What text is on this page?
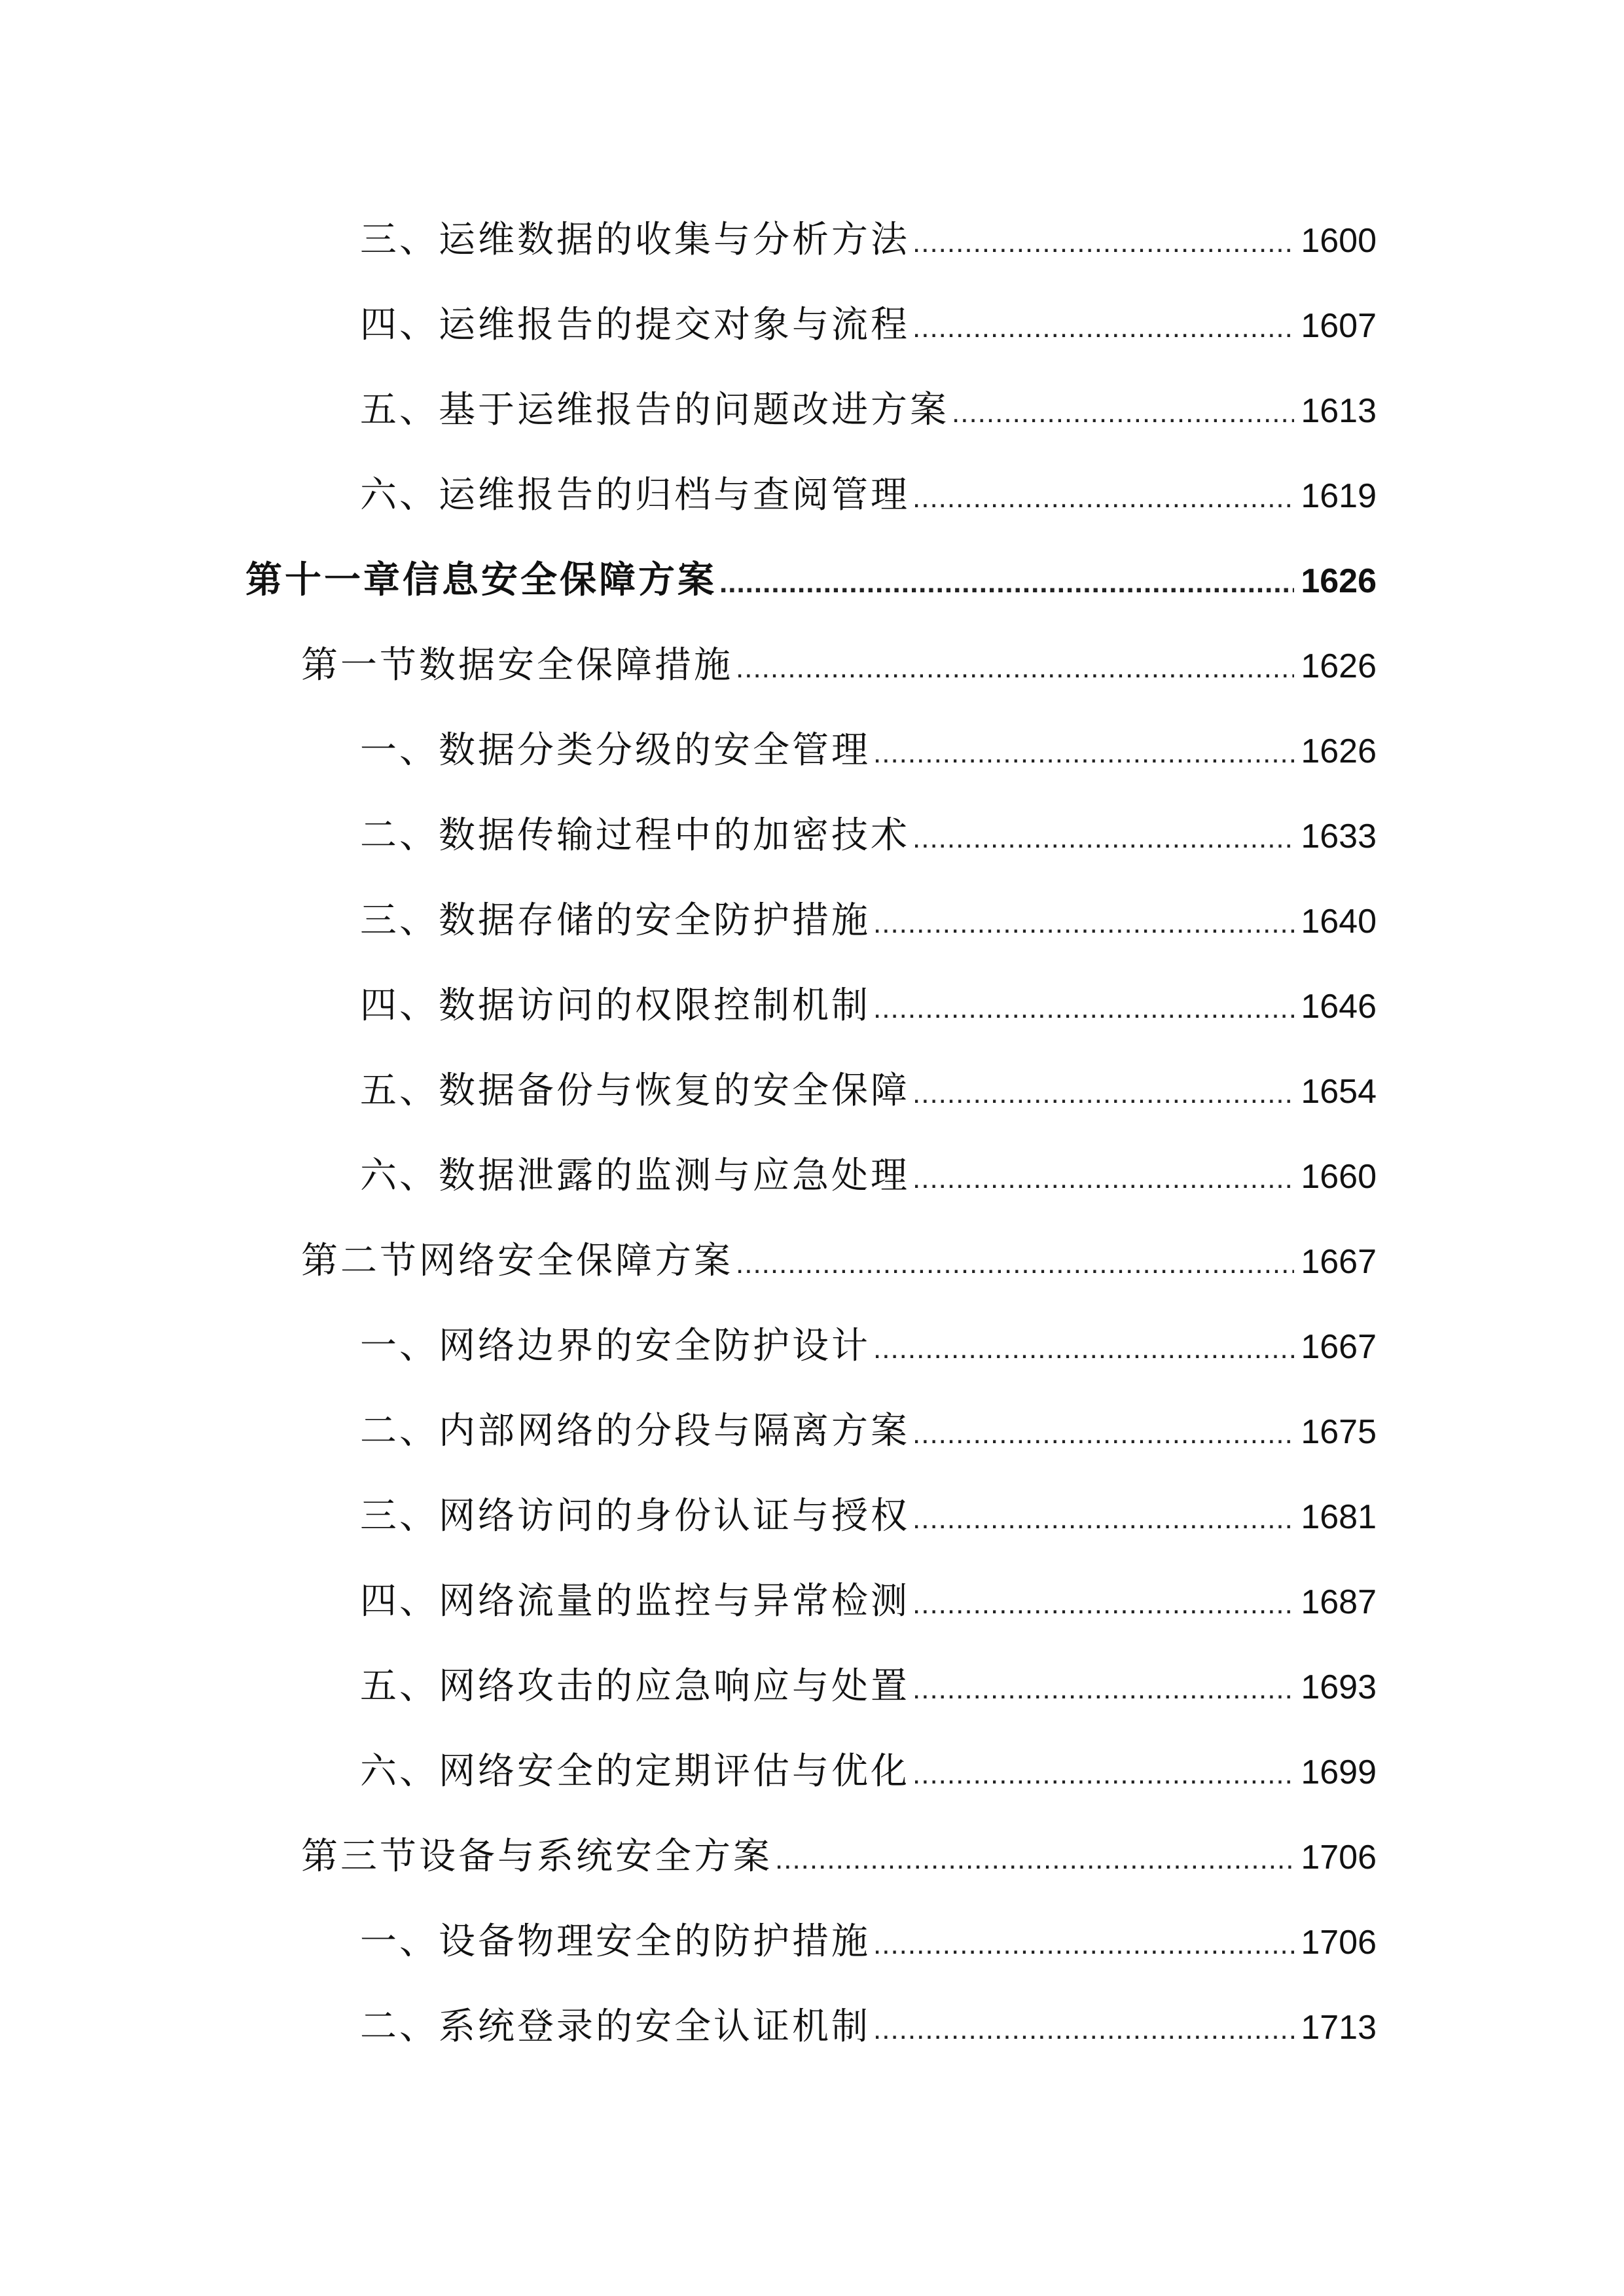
三、运维数据的收集与分析方法 .....	1600
四、运维报告的提交对象与流程 .....	1607
五、基于运维报告的问题改进方案 .....	1613
六、运维报告的归档与查阅管理 .....	1619
第十一章信息安全保障方案 .....	1626
第一节数据安全保障措施 .....	1626
一、数据分类分级的安全管理 .....	1626
二、数据传输过程中的加密技术 .....	1633
三、数据存储的安全防护措施 .....	1640
四、数据访问的权限控制机制 .....	1646
五、数据备份与恢复的安全保障 .....	1654
六、数据泄露的监测与应急处理 .....	1660
第二节网络安全保障方案 .....	1667
一、网络边界的安全防护设计 .....	1667
二、内部网络的分段与隔离方案 .....	1675
三、网络访问的身份认证与授权 .....	1681
四、网络流量的监控与异常检测 .....	1687
五、网络攻击的应急响应与处置 .....	1693
六、网络安全的定期评估与优化 .....	1699
第三节设备与系统安全方案 .....	1706
一、设备物理安全的防护措施 .....	1706
二、系统登录的安全认证机制 .....	1713
